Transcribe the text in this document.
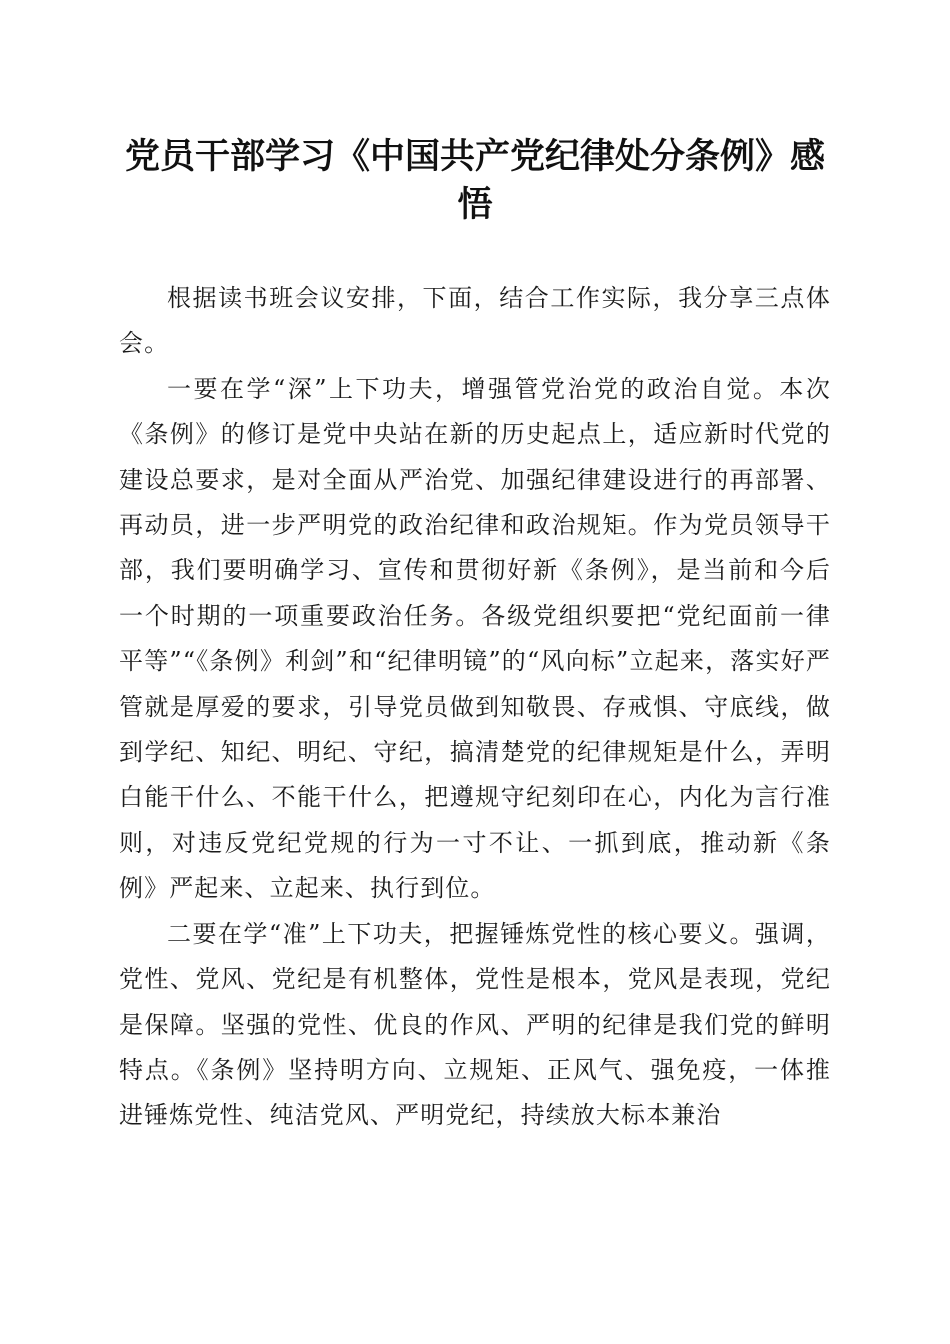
党员干部学习《中国共产党纪律处分条例》感悟

根据读书班会议安排，下面，结合工作实际，我分享三点体会。

一要在学“深”上下功夫，增强管党治党的政治自觉。本次《条例》的修订是党中央站在新的历史起点上，适应新时代党的建设总要求，是对全面从严治党、加强纪律建设进行的再部署、再动员，进一步严明党的政治纪律和政治规矩。作为党员领导干部，我们要明确学习、宣传和贯彻好新《条例》，是当前和今后一个时期的一项重要政治任务。各级党组织要把“党纪面前一律平等”“《条例》利剑”和“纪律明镜”的“风向标”立起来，落实好严管就是厚爱的要求，引导党员做到知敬畏、存戒惧、守底线，做到学纪、知纪、明纪、守纪，搞清楚党的纪律规矩是什么，弄明白能干什么、不能干什么，把遵规守纪刻印在心，内化为言行准则，对违反党纪党规的行为一寸不让、一抓到底，推动新《条例》严起来、立起来、执行到位。

二要在学“准”上下功夫，把握锤炼党性的核心要义。强调，党性、党风、党纪是有机整体，党性是根本，党风是表现，党纪是保障。坚强的党性、优良的作风、严明的纪律是我们党的鲜明特点。《条例》坚持明方向、立规矩、正风气、强免疫，一体推进锤炼党性、纯洁党风、严明党纪，持续放大标本兼治
